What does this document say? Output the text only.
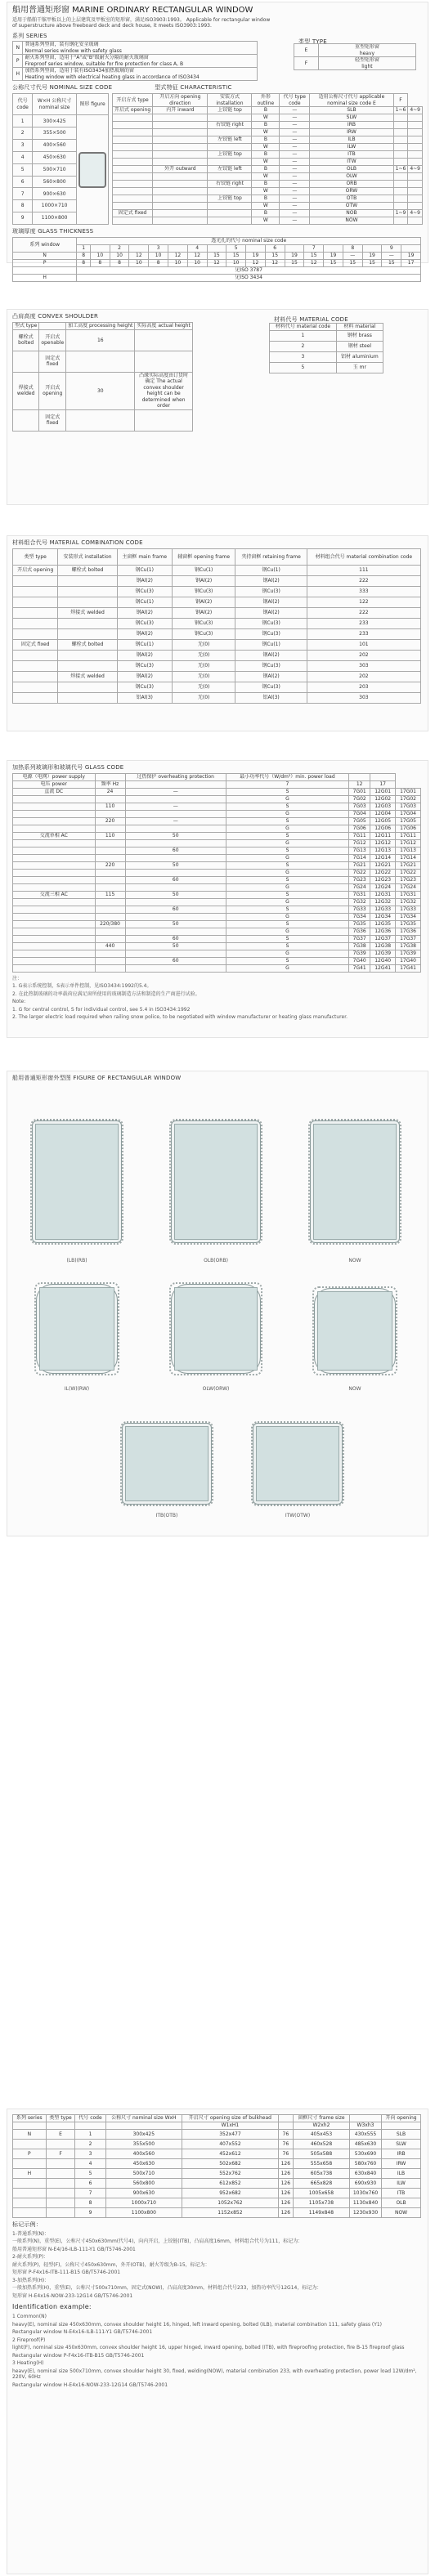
船用普通矩形窗 MARINE ORDINARY RECTANGULAR WINDOW
适用于船舶干舷甲板以上的上层建筑及甲板室的矩形窗，满足ISO3903:1993。 Applicable for rectangular window of superstructure above freeboard deck and deck house, it meets ISO3903:1993.
系列 SERIES
N	普通系列型窗，装有钢化安全玻璃
Normal series window with safety glass

P	耐火系列型窗，适用于"A"或"B"级耐火分隔的耐火玻璃窗
Fireproof series window, suitable for fire protection for class A, B

H	加热系列型窗，适用于装有ISO3434加热玻璃的窗
Heating window with electrical heating glass in accordance of ISO3434
类型 TYPE
E	重型矩形窗
heavy

F	轻型矩形窗
light
公称尺寸代号 NOMINAL SIZE CODE	型式特征 CHARACTERISTIC
代号 code	W×H 公称尺寸 nominal size	图形 figure
1	300×425	

2	355×500	
3	400×560	
4	450×630	
5	500×710	
6	560×800	
7	900×630	
8	1000×710	
9	1100×800	
开启方式 type	开启方向 opening direction	安装方式 installation	外形 outline	代号 type code	适用公称尺寸代号 applicable nominal size code E	F	
开启式 opening	内开 inward	上铰链 top	B	—	SLB	1~6	4~9
			W	—	SLW		
		右铰链 right	B	—	IRB		
			W	—	IRW		
		左铰链 left	B	—	ILB		
			W	—	ILW		
		上铰链 top	B	—	ITB		
			W	—	ITW		
	外开 outward	左铰链 left	B	—	OLB	1~6	4~9
			W	—	OLW		
		右铰链 right	B	—	ORB		
			W	—	ORW		
		上铰链 top	B	—	OTB		
			W	—	OTW		
固定式 fixed			B	—	NOB	1~9	4~9
			W	—	NOW		
玻璃厚度 GLASS THICKNESS
系列 window	透光孔的代号 nominal size code																	
	1		2		3		4		5		6		7		8		9	
N	8	10	10	12	10	12	12	15	15	19	15	19	15	19	—	19	—	19
P	8	8	8	10	8	10	10	12	10	12	12	15	12	15	15	15	15	17
	见ISO 3787																	
H	见ISO 3434																	
凸肩高度 CONVEX SHOULDER
型式 type		加工高度 processing height	实际高度 actual height
螺栓式 bolted	开启式 openable	16	
	固定式 fixed		
焊接式 welded	开启式 opening	30	凸缘实际高度由订货时确定 The actual convex shoulder height can be determined when order
	固定式 fixed		
材料代号 MATERIAL CODE
材料代号 material code	材料 material
1	钢材 brass
2	钢材 steel
3	铝材 aluminium
5	玉 mr
材料组合代号 MATERIAL COMBINATION CODE
类型 type	安装形式 installation	主窗框 main frame	辅窗框 opening frame	夹持窗框 retaining frame	材料组合代号 material combination code
开启式 opening	螺栓式 bolted	钢Cu(1)	钢Cu(1)	钢Cu(1)	111
		钢Al(2)	钢Al(2)	钢Al(2)	222
		钢Cu(3)	钢Cu(3)	钢Cu(3)	333
		钢Cu(1)	钢Al(2)	钢Al(2)	122
	焊接式 welded	钢Al(2)	钢Al(2)	钢Al(2)	222
		钢Cu(3)	钢Cu(3)	钢Cu(3)	233
		钢Al(2)	钢Cu(3)	钢Cu(3)	233
固定式 fixed	螺栓式 bolted	钢Cu(1)	无(0)	钢Cu(1)	101
		钢Al(2)	无(0)	钢Al(2)	202
		钢Cu(3)	无(0)	钢Cu(3)	303
	焊接式 welded	钢Al(2)	无(0)	钢Al(2)	202
		钢Cu(3)	无(0)	钢Cu(3)	203
		铝Al(3)	无(0)	铝Al(3)	303
加热系列玻璃形和玻璃代号 GLASS CODE
电源（电网）power supply		过热保护 overheating protection	最小功率代号（W/dm²）min. power load			
电压 power	频率 Hz		7	12	17	
直流 DC	24	—	S	7G01	12G01	17G01
			G	7G02	12G02	17G02
	110	—	S	7G03	12G03	17G03
			G	7G04	12G04	17G04
	220	—	S	7G05	12G05	17G05
			G	7G06	12G06	17G06
交流单相 AC	110	50	S	7G11	12G11	17G11
			G	7G12	12G12	17G12
		60	S	7G13	12G13	17G13
			G	7G14	12G14	17G14
	220	50	S	7G21	12G21	17G21
			G	7G22	12G22	17G22
		60	S	7G23	12G23	17G23
			G	7G24	12G24	17G24
交流三相 AC	115	50	S	7G31	12G31	17G31
			G	7G32	12G32	17G32
		60	S	7G33	12G33	17G33
			G	7G34	12G34	17G34
	220/380	50	S	7G35	12G35	17G35
			G	7G36	12G36	17G36
		60	S	7G37	12G37	17G37
	440	50	S	7G38	12G38	17G38
			G	7G39	12G39	17G39
		60	S	7G40	12G40	17G40
			G	7G41	12G41	17G41
注：
1. G表示系统控制，S表示单件控制，见ISO3434:1992的5.4。
2. 在此热制玻璃的功率载荷应满足窗所使用的玻璃制造方法和制造的生产商进行试验。
Note:
1. G for central control, S for individual control, see 5.4 in ISO3434:1992
2. The larger electric load required when railing snow police, to be negotiated with window manufacturer or heating glass manufacturer.
船用普通矩形窗外型图 FIGURE OF RECTANGULAR WINDOW
(LB)(RB)	OLB(ORB)	NOW
IL(W)(RW)	OLW(ORW)	NOW
ITB(OTB)	ITW(OTW)
系列 series	类型 type	代号 code	公称尺寸 nominal size WxH	开启尺寸 opening size of bulkhead		窗框尺寸 frame size		开向 opening
				W1xH1		W2xh2	W3xh3	
N	E	1	300x425	352x477	76	405x453	430x555	SLB
		2	355x500	407x552	76	460x528	485x630	SLW
P	F	3	400x560	452x612	76	505x588	530x690	IRB
		4	450x630	502x682	126	555x658	580x760	IRW
H		5	500x710	552x762	126	605x738	630x840	ILB
		6	560x800	612x852	126	665x828	690x930	ILW
		7	900x630	952x682	126	1005x658	1030x760	ITB
		8	1000x710	1052x762	126	1105x738	1130x840	OLB
		9	1100x800	1152x852	126	1149x848	1230x930	NOW
标记示例：
1-普通系列(N)：
一般系列(N)，重型(E)，公称尺寸450x630mm(代号4)，向内开启，上铰链(ITB)，凸肩高度16mm，材料组合代号为111，标记为：
船用普通矩形窗 N-E4/16-ILB-111-Y1 GB/T5746-2001
2-耐火系列(P)：
耐火系列(P)，轻型(F)，公称尺寸450x630mm，外开(OTB)，耐火等级为B-15，标记为：
矩形窗 P-F4x16-ITB-111-B15 GB/T5746-2001
3-加热系列(H)：
一般加热系列(H)，重型(E)，公称尺寸500x710mm，固定式(NOW)，凸肩高度30mm，材料组合代号233，加热功率代号12G14，标记为：
矩形窗 H-E4x16-NOW-233-12G14 GB/T5746-2001
Identification example:
1 Common(N)
heavy(E), nominal size 450x630mm, convex shoulder height 16, hinged, left inward opening, bolted (ILB), material combination 111, safety glass (Y1)
Rectangular window N-E4x16-ILB-111-Y1 GB/T5746-2001
2 Fireproof(P)
light(F), nominal size 450x630mm, convex shoulder height 16, upper hinged, inward opening, bolted (ITB), with fireproofing protection, fire B-15 fireproof glass
Rectangular window P-F4x16-ITB-B15 GB/T5746-2001
3 Heating(H)
heavy(E), nominal size 500x710mm, convex shoulder height 30, fixed, welding(NOW), material combination 233, with overheating protection, power load 12W/dm², 220V, 60Hz
Rectangular window H-E4x16-NOW-233-12G14 GB/T5746-2001
